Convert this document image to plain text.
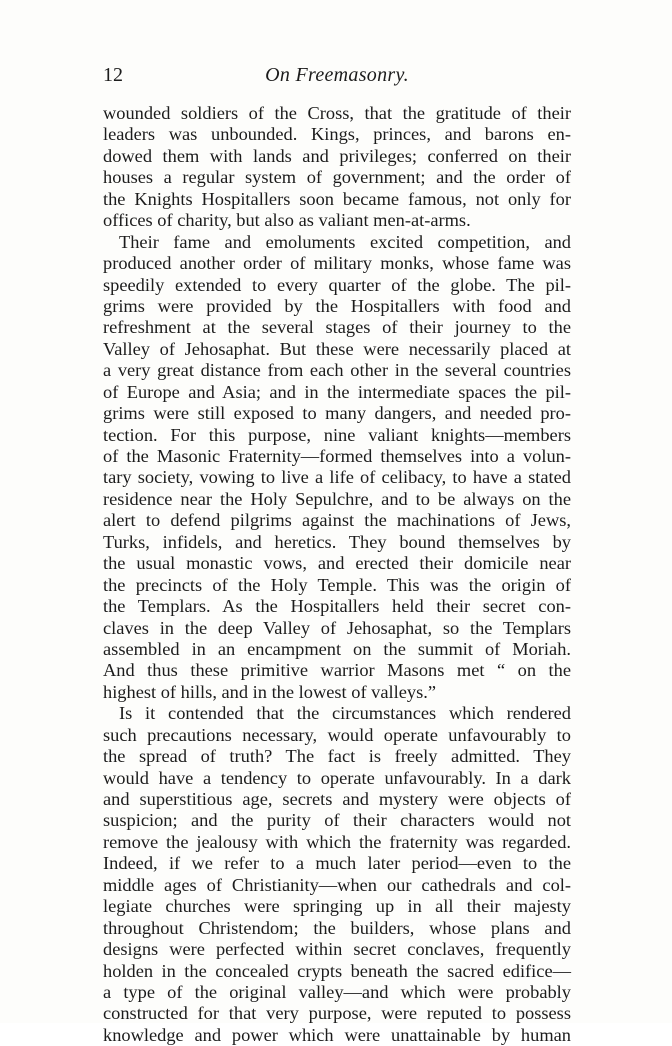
12	On Freemasonry.
wounded soldiers of the Cross, that the gratitude of their
leaders was unbounded. Kings, princes, and barons en-
dowed them with lands and privileges; conferred on their
houses a regular system of government; and the order of
the Knights Hospitallers soon became famous, not only for
offices of charity, but also as valiant men-at-arms.
Their fame and emoluments excited competition, and
produced another order of military monks, whose fame was
speedily extended to every quarter of the globe. The pil-
grims were provided by the Hospitallers with food and
refreshment at the several stages of their journey to the
Valley of Jehosaphat. But these were necessarily placed at
a very great distance from each other in the several countries
of Europe and Asia; and in the intermediate spaces the pil-
grims were still exposed to many dangers, and needed pro-
tection. For this purpose, nine valiant knights—members
of the Masonic Fraternity—formed themselves into a volun-
tary society, vowing to live a life of celibacy, to have a stated
residence near the Holy Sepulchre, and to be always on the
alert to defend pilgrims against the machinations of Jews,
Turks, infidels, and heretics. They bound themselves by
the usual monastic vows, and erected their domicile near
the precincts of the Holy Temple. This was the origin of
the Templars. As the Hospitallers held their secret con-
claves in the deep Valley of Jehosaphat, so the Templars
assembled in an encampment on the summit of Moriah.
And thus these primitive warrior Masons met “ on the
highest of hills, and in the lowest of valleys.”
Is it contended that the circumstances which rendered
such precautions necessary, would operate unfavourably to
the spread of truth? The fact is freely admitted. They
would have a tendency to operate unfavourably. In a dark
and superstitious age, secrets and mystery were objects of
suspicion; and the purity of their characters would not
remove the jealousy with which the fraternity was regarded.
Indeed, if we refer to a much later period—even to the
middle ages of Christianity—when our cathedrals and col-
legiate churches were springing up in all their majesty
throughout Christendom; the builders, whose plans and
designs were perfected within secret conclaves, frequently
holden in the concealed crypts beneath the sacred edifice—
a type of the original valley—and which were probably
constructed for that very purpose, were reputed to possess
knowledge and power which were unattainable by human
